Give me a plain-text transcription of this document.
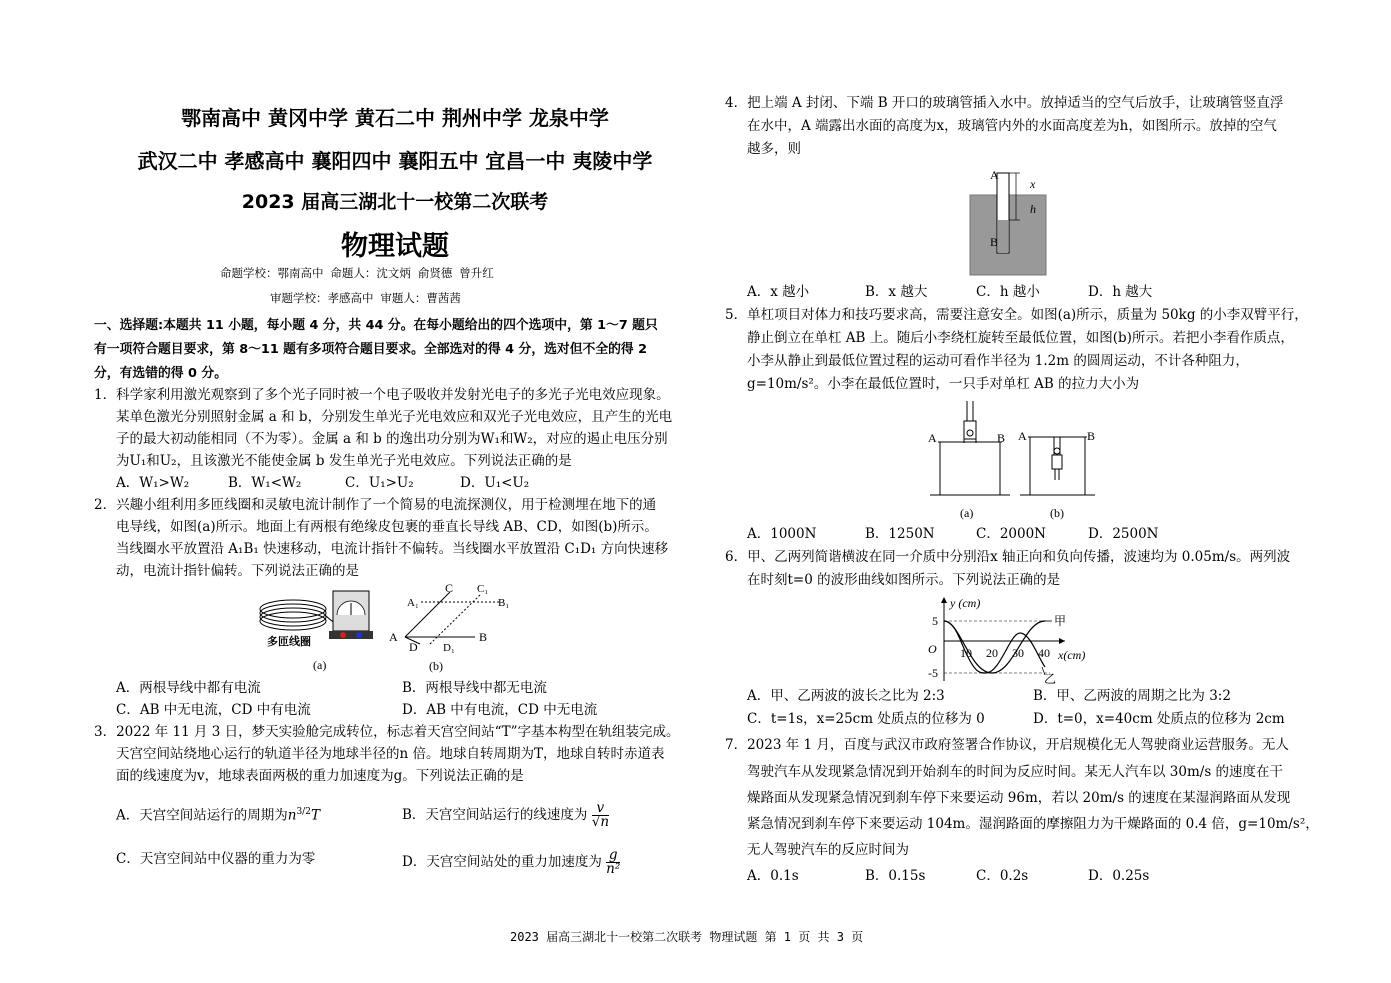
鄂南高中 黄冈中学 黄石二中 荆州中学 龙泉中学
武汉二中 孝感高中 襄阳四中 襄阳五中 宜昌一中 夷陵中学
2023 届高三湖北十一校第二次联考
物理试题
命题学校：鄂南高中 命题人：沈文炳 俞贤德 曾升红
审题学校：孝感高中 审题人：曹茜茜
一、选择题:本题共 11 小题，每小题 4 分，共 44 分。在每小题给出的四个选项中，第 1～7 题只
有一项符合题目要求，第 8～11 题有多项符合题目要求。全部选对的得 4 分，选对但不全的得 2
分，有选错的得 0 分。
1．科学家利用激光观察到了多个光子同时被一个电子吸收并发射光电子的多光子光电效应现象。
某单色激光分别照射金属 a 和 b，分别发生单光子光电效应和双光子光电效应，且产生的光电
子的最大初动能相同（不为零）。金属 a 和 b 的逸出功分别为W₁和W₂，对应的遏止电压分别
为U₁和U₂，且该激光不能使金属 b 发生单光子光电效应。下列说法正确的是
A．W₁>W₂	B．W₁<W₂	C．U₁>U₂	D．U₁<U₂
2．兴趣小组利用多匝线圈和灵敏电流计制作了一个简易的电流探测仪，用于检测埋在地下的通
电导线，如图(a)所示。地面上有两根有绝缘皮包裹的垂直长导线 AB、CD，如图(b)所示。
当线圈水平放置沿 A₁B₁ 快速移动，电流计指针不偏转。当线圈水平放置沿 C₁D₁ 方向快速移
动，电流计指针偏转。下列说法正确的是
多匝线圈
(a)
A	B
C C₁
A₁	B₁
D D₁
(b)
A．两根导线中都有电流	B．两根导线中都无电流
C．AB 中无电流，CD 中有电流	D．AB 中有电流，CD 中无电流
3．2022 年 11 月 3 日，梦天实验舱完成转位，标志着天宫空间站“T”字基本构型在轨组装完成。
天宫空间站绕地心运行的轨道半径为地球半径的n 倍。地球自转周期为T，地球自转时赤道表
面的线速度为v，地球表面两极的重力加速度为g。下列说法正确的是
A．天宫空间站运行的周期为$n^{3/2}T$	B．天宫空间站运行的线速度为 $\frac{v}{√n}$
C．天宫空间站中仪器的重力为零	D．天宫空间站处的重力加速度为 $\frac{g}{\text{n²}}$
4．把上端 A 封闭、下端 B 开口的玻璃管插入水中。放掉适当的空气后放手，让玻璃管竖直浮
在水中，A 端露出水面的高度为x，玻璃管内外的水面高度差为h，如图所示。放掉的空气
越多，则
A
B
x
h
A．x 越小	B．x 越大	C．h 越小	D．h 越大
5．单杠项目对体力和技巧要求高，需要注意安全。如图(a)所示，质量为 50kg 的小李双臂平行，
静止倒立在单杠 AB 上。随后小李绕杠旋转至最低位置，如图(b)所示。若把小李看作质点，
小李从静止到最低位置过程的运动可看作半径为 1.2m 的圆周运动，不计各种阻力，
g=10m/s²。小李在最低位置时，一只手对单杠 AB 的拉力大小为
A	B
(a)
A	B
(b)
A．1000N	B．1250N	C．2000N	D．2500N
6．甲、乙两列简谐横波在同一介质中分别沿x 轴正向和负向传播，波速均为 0.05m/s。两列波
在时刻t=0 的波形曲线如图所示。下列说法正确的是
y (cm)
x(cm)
O
5
-5
10 20 30 40
甲
乙
A．甲、乙两波的波长之比为 2:3	B．甲、乙两波的周期之比为 3:2
C．t=1s，x=25cm 处质点的位移为 0	D．t=0，x=40cm 处质点的位移为 2cm
7．2023 年 1 月，百度与武汉市政府签署合作协议，开启规模化无人驾驶商业运营服务。无人
驾驶汽车从发现紧急情况到开始刹车的时间为反应时间。某无人汽车以 30m/s 的速度在干
燥路面从发现紧急情况到刹车停下来要运动 96m，若以 20m/s 的速度在某湿润路面从发现
紧急情况到刹车停下来要运动 104m。湿润路面的摩擦阻力为干燥路面的 0.4 倍，g=10m/s²，
无人驾驶汽车的反应时间为
A．0.1s	B．0.15s	C．0.2s	D．0.25s
2023 届高三湖北十一校第二次联考 物理试题 第 1 页 共 3 页
